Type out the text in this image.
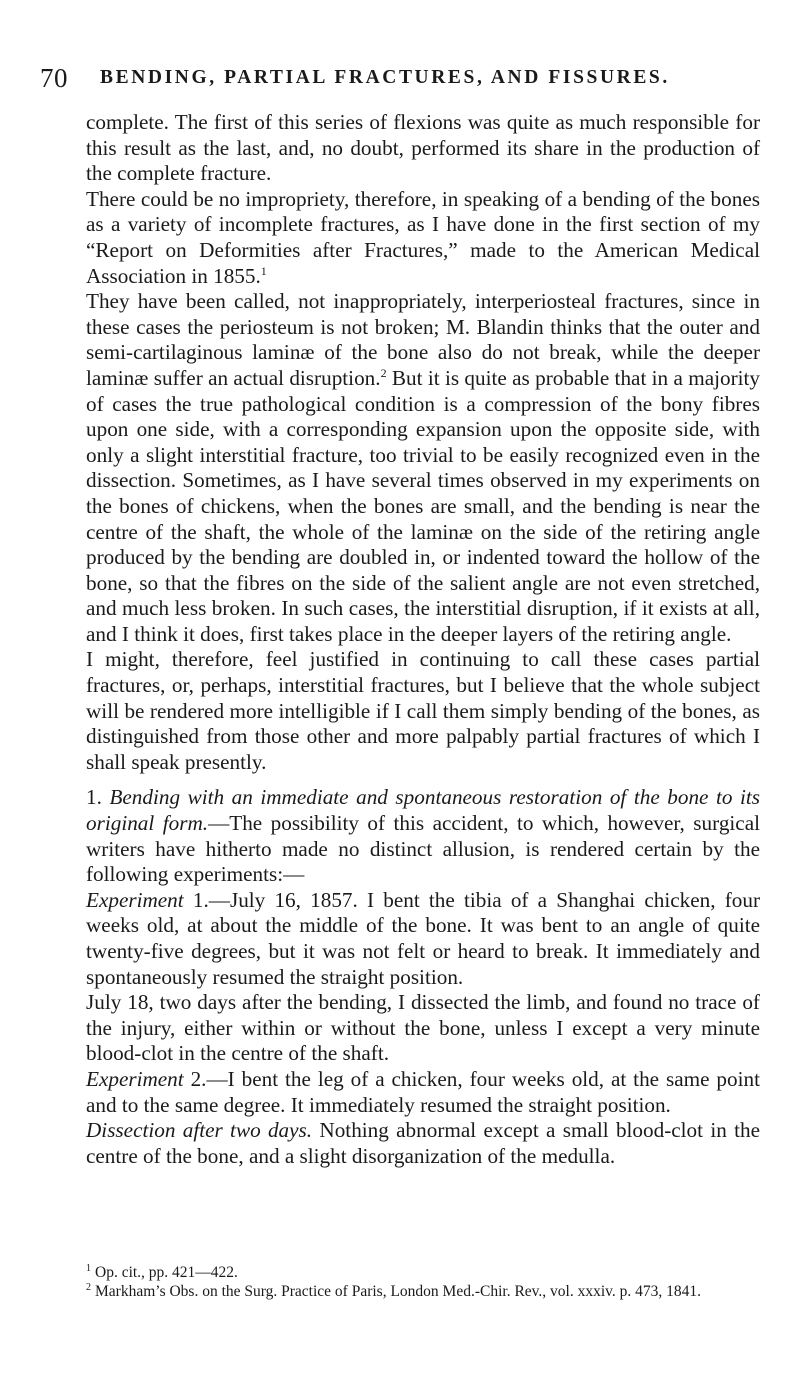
70 BENDING, PARTIAL FRACTURES, AND FISSURES.

complete. The first of this series of flexions was quite as much responsible for this result as the last, and, no doubt, performed its share in the production of the complete fracture.

There could be no impropriety, therefore, in speaking of a bending of the bones as a variety of incomplete fractures, as I have done in the first section of my “Report on Deformities after Fractures,” made to the American Medical Association in 1855.$^1$

They have been called, not inappropriately, interperiosteal fractures, since in these cases the periosteum is not broken; M. Blandin thinks that the outer and semi-cartilaginous laminæ of the bone also do not break, while the deeper laminæ suffer an actual disruption.$^2$ But it is quite as probable that in a majority of cases the true pathological condition is a compression of the bony fibres upon one side, with a corresponding expansion upon the opposite side, with only a slight interstitial fracture, too trivial to be easily recognized even in the dissection. Sometimes, as I have several times observed in my experiments on the bones of chickens, when the bones are small, and the bending is near the centre of the shaft, the whole of the laminæ on the side of the retiring angle produced by the bending are doubled in, or indented toward the hollow of the bone, so that the fibres on the side of the salient angle are not even stretched, and much less broken. In such cases, the interstitial disruption, if it exists at all, and I think it does, first takes place in the deeper layers of the retiring angle.

I might, therefore, feel justified in continuing to call these cases partial fractures, or, perhaps, interstitial fractures, but I believe that the whole subject will be rendered more intelligible if I call them simply bending of the bones, as distinguished from those other and more palpably partial fractures of which I shall speak presently.

1. Bending with an immediate and spontaneous restoration of the bone to its original form.—The possibility of this accident, to which, however, surgical writers have hitherto made no distinct allusion, is rendered certain by the following experiments:—

Experiment 1.—July 16, 1857. I bent the tibia of a Shanghai chicken, four weeks old, at about the middle of the bone. It was bent to an angle of quite twenty-five degrees, but it was not felt or heard to break. It immediately and spontaneously resumed the straight position.

July 18, two days after the bending, I dissected the limb, and found no trace of the injury, either within or without the bone, unless I except a very minute blood-clot in the centre of the shaft.

Experiment 2.—I bent the leg of a chicken, four weeks old, at the same point and to the same degree. It immediately resumed the straight position.

Dissection after two days. Nothing abnormal except a small blood-clot in the centre of the bone, and a slight disorganization of the medulla.

$^1$ Op. cit., pp. 421—422.

$^2$ Markham’s Obs. on the Surg. Practice of Paris, London Med.-Chir. Rev., vol. xxxiv. p. 473, 1841.
